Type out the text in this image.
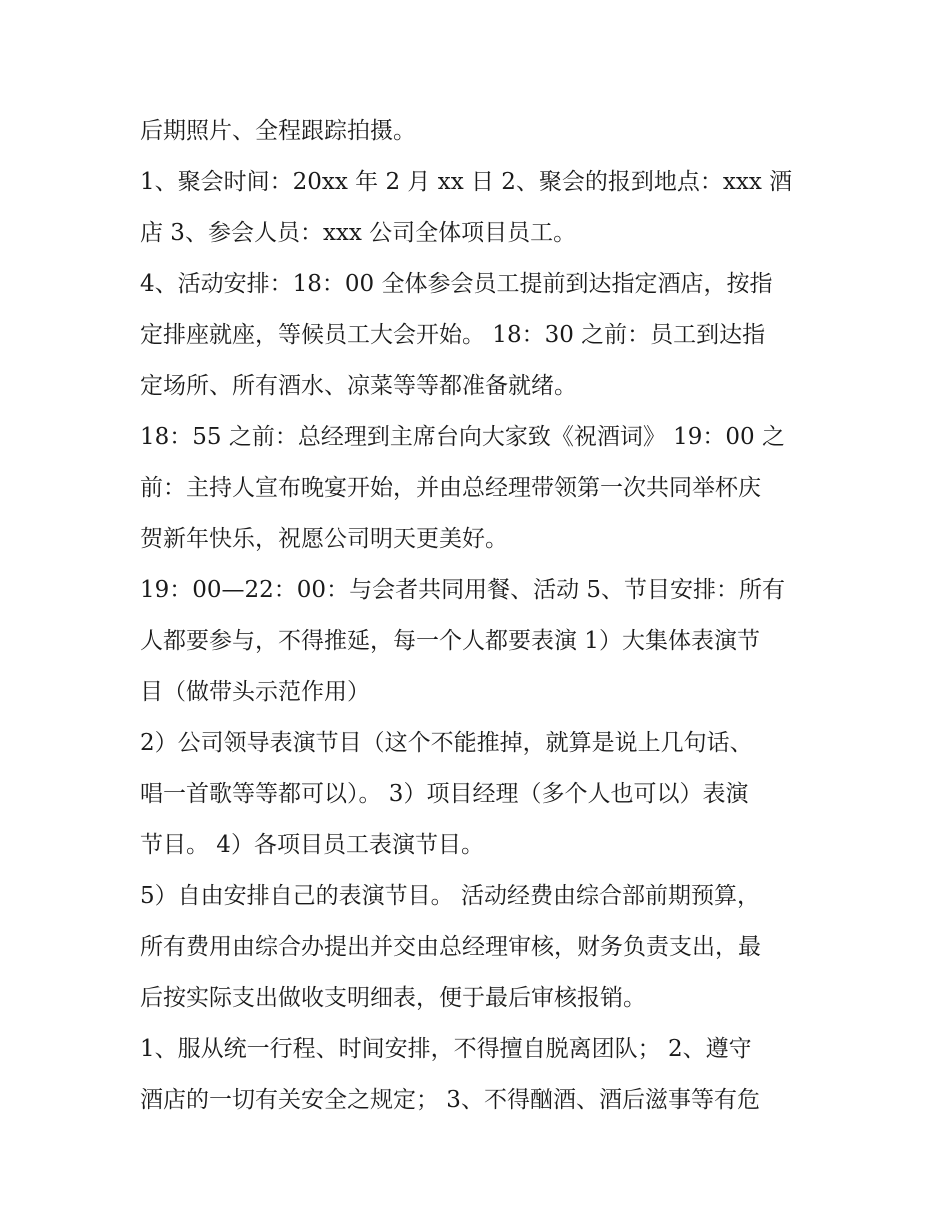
后期照片、全程跟踪拍摄。
1、聚会时间：20xx 年 2 月 xx 日 2、聚会的报到地点：xxx 酒
店 3、参会人员：xxx 公司全体项目员工。
4、活动安排：18：00 全体参会员工提前到达指定酒店，按指
定排座就座，等候员工大会开始。 18：30 之前：员工到达指
定场所、所有酒水、凉菜等等都准备就绪。
18：55 之前：总经理到主席台向大家致《祝酒词》 19：00 之
前：主持人宣布晚宴开始，并由总经理带领第一次共同举杯庆
贺新年快乐，祝愿公司明天更美好。
19：00—22：00：与会者共同用餐、活动 5、节目安排：所有
人都要参与，不得推延，每一个人都要表演 1）大集体表演节
目（做带头示范作用）
2）公司领导表演节目（这个不能推掉，就算是说上几句话、
唱一首歌等等都可以）。 3）项目经理（多个人也可以）表演
节目。 4）各项目员工表演节目。
5）自由安排自己的表演节目。 活动经费由综合部前期预算，
所有费用由综合办提出并交由总经理审核，财务负责支出，最
后按实际支出做收支明细表，便于最后审核报销。
1、服从统一行程、时间安排，不得擅自脱离团队； 2、遵守
酒店的一切有关安全之规定； 3、不得酗酒、酒后滋事等有危
